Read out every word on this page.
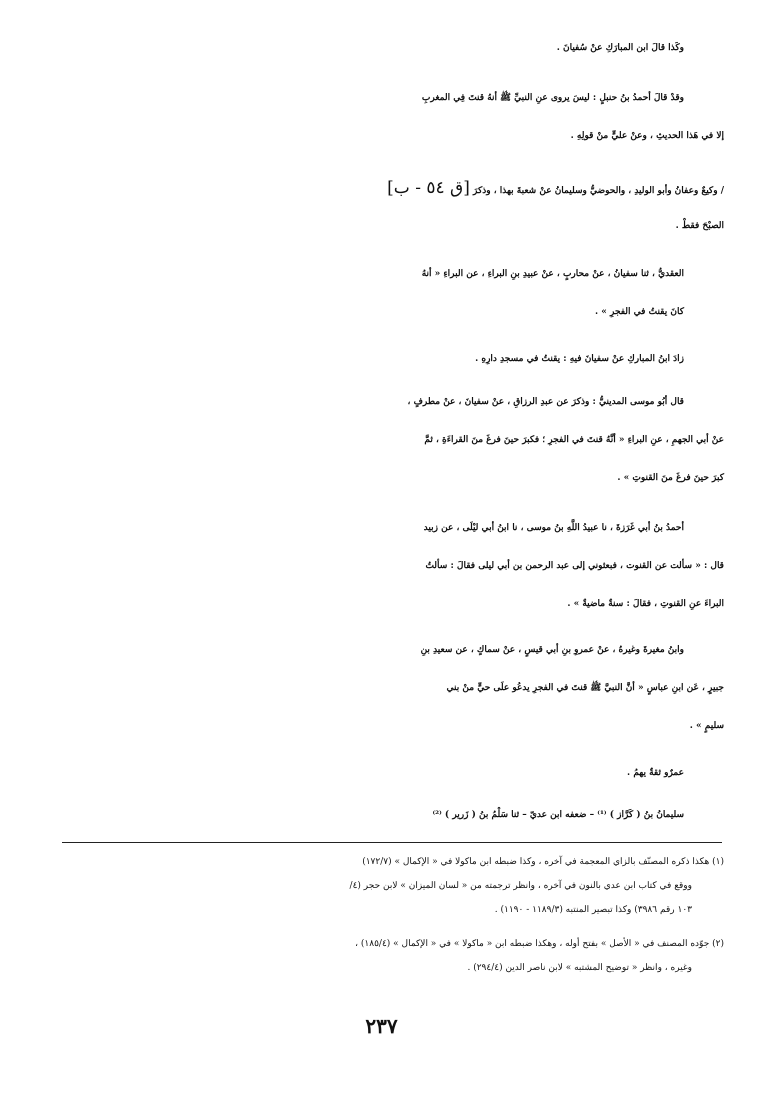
وكَذا قالَ ابن المبارَكِ عنْ سُفيانَ .
وقدْ قالَ أحمدُ بنُ حنبلٍ : ليسَ يروى عنِ النبيِّ ﷺ أنهُ قنتَ فِي المغربِ
إلا في هَذا الحديثِ ، وعنْ عليٍّ منْ قولِهِ .
/ وكيعٌ وعفانُ وأبو الوليدِ ، والحوضيُّ وسليمانُ عنْ شعبةَ بهذا ، وذكرَ [ق ٥٤ - ب]
الصبْحَ فقطْ .
العقديُّ ، ثنا سفيانُ ، عنْ محاربٍ ، عنْ عبيدِ بنِ البراءِ ، عن البراءِ « أنهُ
كانَ يقنتُ في الفجرِ » .
زادَ ابنُ المباركِ عنْ سفيانَ فيهِ : يقنتُ في مسجدِ دارِهِ .
قال أبُو موسى المدينيُّ : وذكرَ عن عبدِ الرزاقِ ، عنْ سفيانَ ، عنْ مطرفٍ ،
عنْ أبي الجهمِ ، عنِ البراءِ « أنَّهُ قنتَ في الفجرِ ؛ فكبرَ حينَ فرغَ منَ القراءَةِ ، ثمَّ
كبرَ حينَ فرغَ منَ القنوتِ » .
أحمدُ بنُ أبي غَرَزةَ ، نا عبيدُ اللَّهِ بنُ موسى ، نا ابنُ أبي ليْلَى ، عن زبيد
قال : « سألت عن القنوت ، فبعثوني إلى عبد الرحمن بن أبي ليلى فقالَ : سألتُ
البراءَ عنِ القنوتِ ، فقالَ : سنةٌ ماضيةٌ » .
وابنُ مغيرةَ وغيرهُ ، عنْ عمروِ بنِ أبي قيسٍ ، عنْ سماكٍ ، عن سعيدِ بنِ
جبيرٍ ، عَن ابنِ عباسٍ « أنَّ النبيَّ ﷺ قنتَ في الفجرِ يدعُو علَى حيٍّ منْ بني
سليمٍ » .
عمرٌو ثقةٌ يهمُ .
سليمانُ بنُ ( كَرَّاز ) ⁽¹⁾ – ضعفه ابن عديّ – ثنا سَلْمُ بنُ ( زَرير ) ⁽²⁾
(١) هكذا ذكره المصنّف بالزاي المعجمة في آخره ، وكذا ضبطه ابن ماكولا في « الإكمال » (١٧٢/٧)
ووقع في كتاب ابن عدي بالنون في آخره ، وانظر ترجمته من « لسان الميزان » لابن حجر (٤/
١٠٣ رقم ٣٩٨٦) وكذا تبصير المنتبه (١١٨٩/٣ - ١١٩٠) .
(٢) جوّده المصنف في « الأصل » بفتح أوله ، وهكذا ضبطه ابن « ماكولا » في « الإكمال » (١٨٥/٤) ،
وغيره ، وانظر « توضيح المشتبه » لابن ناصر الدين (٢٩٤/٤) .
٢٣٧
